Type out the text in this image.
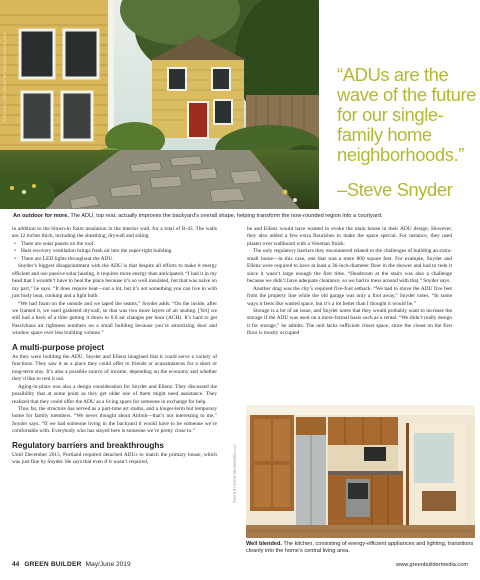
PHOTO BY MIKE DEAN/PHOTOSBYMIKEDEAN.COM	“ADUs are the
wave of the future
for our single-
family home
neighborhoods.”

–Steve Snyder

An outdoor for more. The ADU, top rear, actually improves the backyard’s overall shape, helping transform the now-rounded region into a courtyard.

in addition to the blown-in foam insulation in the interior wall, for a total of R-43. The walls are 12 inches thick, including the sheathing, drywall and siding.

• There are solar panels on the roof.
• Heat recovery ventilation brings fresh air into the super-tight building.
• There are LED lights throughout the ADU.

Snyder’s biggest disappointment with the ADU is that despite all efforts to make it energy efficient and use passive solar heating, it requires more energy than anticipated. “I had it in my head that I wouldn’t have to heat the place because it’s so well insulated, but that was naïve on my part,” he says. “It does require heat—not a lot, but it’s not something you can live in with just body heat, cooking and a light bulb.

“We had foam on the outside and we taped the seams,” Snyder adds. “On the inside, after we framed it, we used gasketed drywall, so that was two more layers of air sealing. [Yet] we still had a heck of a time getting it down to 0.6 air changes per hour (ACH). It’s hard to get Passivhaus air tightness numbers on a small building because you’re amortizing door and window space over less building volume.”

A multi-purpose project

As they were building the ADU, Snyder and Ellenz imagined that it could serve a variety of functions. They saw it as a place they could offer to friends or acquaintances for a short or long-term stay. It’s also a possible source of income, depending on the economy and whether they’d like to rent it out.

Aging-in-place was also a design consideration for Snyder and Ellenz. They discussed the possibility that at some point as they get older one of them might need assistance. They realized that they could offer the ADU as a living space for someone in exchange for help.

Thus far, the structure has served as a part-time art studio, and a longer-term but temporary home for family members. “We never thought about Airbnb—that’s not interesting to me,” Snyder says. “If we had someone living in the backyard it would have to be someone we’re comfortable with. Everybody who has stayed here is someone we’re pretty close to.”

Regulatory barriers and breakthroughs

Until December 2015, Portland required detached ADUs to match the primary house, which was just fine by Snyder. He says that even if it wasn’t required,

he and Ellenz would have wanted to evoke the main house in their ADU design. However, they also added a few extra flourishes to make the space special. For instance, they used plaster over wallboard with a Venetian finish.

The only regulatory barriers they encountered related to the challenges of building an extra-small home—in this case, one that was a mere 800 square feet. For example, Snyder and Ellenz were required to have at least a 36-inch-diameter floor in the shower and had to redo it since it wasn’t large enough the first time. “Headroom at the stairs was also a challenge because we didn’t have adequate clearance, so we had to mess around with that,” Snyder says.

Another drag was the city’s required five-foot setback. “We had to move the ADU five feet from the property line while the old garage was only a foot away,” Snyder notes. “In some ways it feels like wasted space, but it’s a lot better than I thought it would be.”

Storage is a bit of an issue, and Snyder notes that they would probably want to increase the storage if the ADU was used on a more-formal basis such as a rental. “We didn’t really design it for storage,” he admits. The unit lacks sufficient closet space, since the closet on the first floor is mostly occupied

PHOTO BY STEVE SNYDER/ARCH-LLC

Well blended. The kitchen, consisting of energy-efficient appliances and lighting, transitions cleanly into the home’s central living area.

44 GREEN BUILDER May/June 2019	www.greenbuildermedia.com
